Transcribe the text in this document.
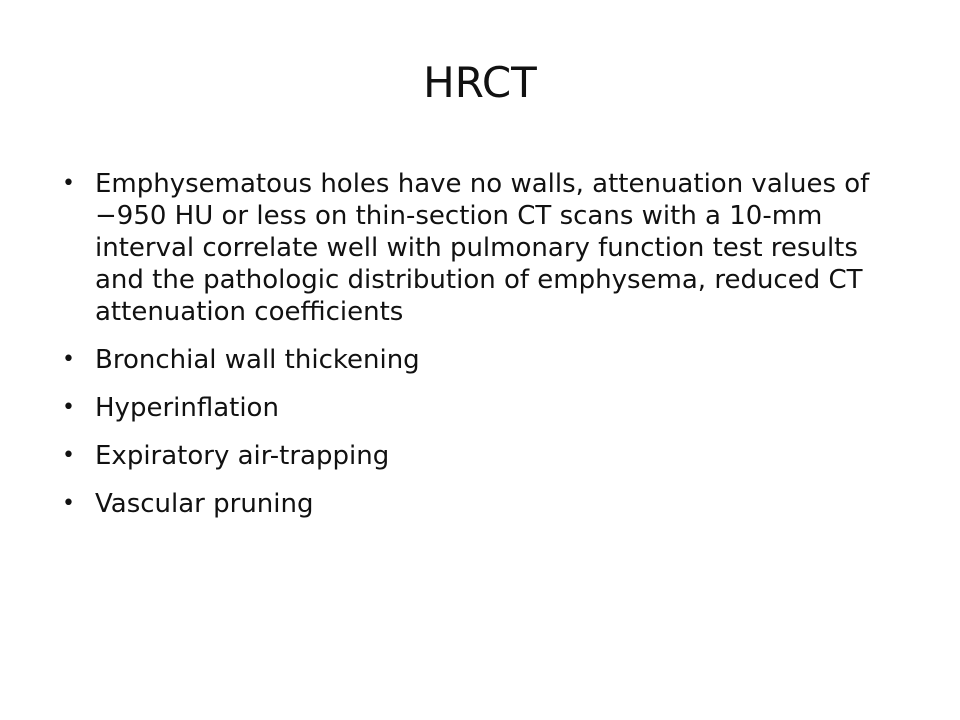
HRCT
• Emphysematous holes have no walls, attenuation values of −950 HU or less on thin-section CT scans with a 10-mm interval correlate well with pulmonary function test results and the pathologic distribution of emphysema, reduced CT attenuation coefficients
• Bronchial wall thickening
• Hyperinflation
• Expiratory air-trapping
• Vascular pruning
